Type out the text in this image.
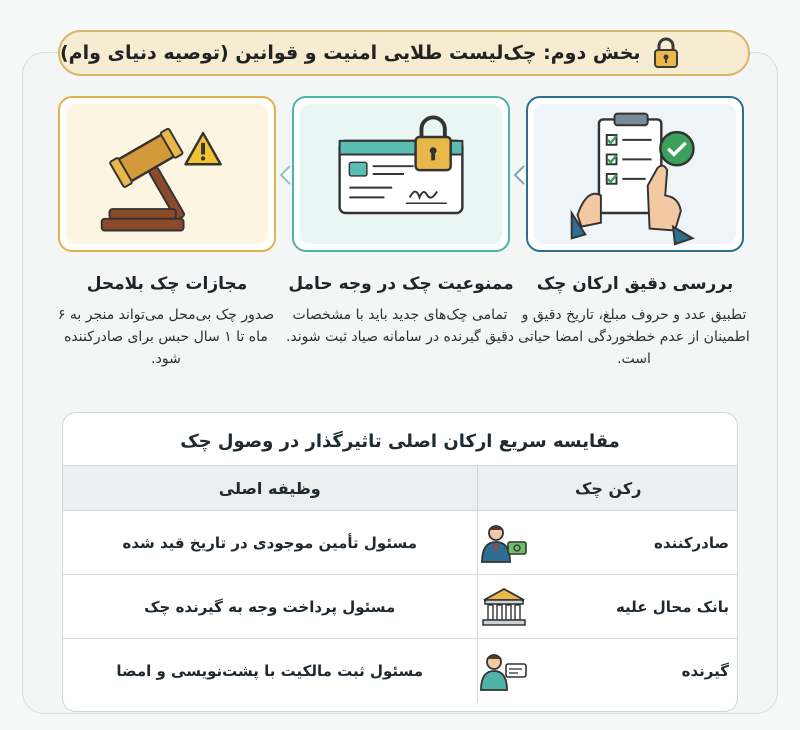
بخش دوم: چک‌لیست طلایی امنیت و قوانین (توصیه دنیای وام)
بررسی دقیق ارکان چک
تطبیق عدد و حروف مبلغ، تاریخ دقیق و اطمینان از عدم خطخوردگی امضا حیاتی است.
ممنوعیت چک در وجه حامل
تمامی چک‌های جدید باید با مشخصات دقیق گیرنده در سامانه صیاد ثبت شوند.
مجازات چک بلامحل
صدور چک بی‌محل می‌تواند منجر به ۶ ماه تا ۱ سال حبس برای صادرکننده شود.
مقایسه سریع ارکان اصلی تاثیرگذار در وصول چک
رکن چک	وظیفه اصلی

صادرکننده	مسئول تأمین موجودی در تاریخ قید شده

بانک محال علیه	مسئول پرداخت وجه به گیرنده چک

گیرنده	مسئول ثبت مالکیت با پشت‌نویسی و امضا
